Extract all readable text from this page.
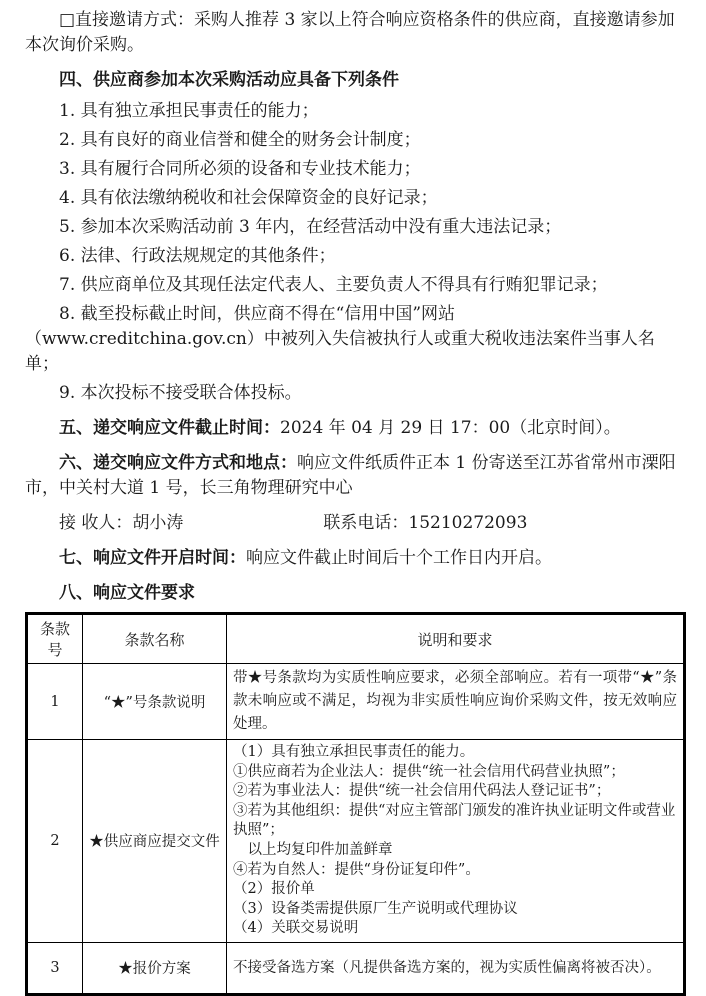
□直接邀请方式：采购人推荐 3 家以上符合响应资格条件的供应商，直接邀请参加本次询价采购。

四、供应商参加本次采购活动应具备下列条件

1. 具有独立承担民事责任的能力；

2. 具有良好的商业信誉和健全的财务会计制度；

3. 具有履行合同所必须的设备和专业技术能力；

4. 具有依法缴纳税收和社会保障资金的良好记录；

5. 参加本次采购活动前 3 年内，在经营活动中没有重大违法记录；

6. 法律、行政法规规定的其他条件；

7. 供应商单位及其现任法定代表人、主要负责人不得具有行贿犯罪记录；

8. 截至投标截止时间，供应商不得在“信用中国”网站（www.creditchina.gov.cn）中被列入失信被执行人或重大税收违法案件当事人名单；

9. 本次投标不接受联合体投标。

五、递交响应文件截止时间：2024 年 04 月 29 日 17：00（北京时间）。

六、递交响应文件方式和地点：响应文件纸质件正本 1 份寄送至江苏省常州市溧阳市，中关村大道 1 号，长三角物理研究中心

接 收人：胡小涛	联系电话：15210272093

七、响应文件开启时间：响应文件截止时间后十个工作日内开启。

八、响应文件要求

条款号	条款名称	说明和要求
1	“★”号条款说明	带★号条款均为实质性响应要求，必须全部响应。若有一项带“★”条款未响应或不满足，均视为非实质性响应询价采购文件，按无效响应处理。

2	★供应商应提交文件	
（1）具有独立承担民事责任的能力。
①供应商若为企业法人：提供“统一社会信用代码营业执照”；
②若为事业法人：提供“统一社会信用代码法人登记证书”；
③若为其他组织：提供“对应主管部门颁发的准许执业证明文件或营业执照”；
　以上均复印件加盖鲜章
④若为自然人：提供“身份证复印件”。
（2）报价单
（3）设备类需提供原厂生产说明或代理协议
（4）关联交易说明

3	★报价方案	不接受备选方案（凡提供备选方案的，视为实质性偏离将被否决）。
